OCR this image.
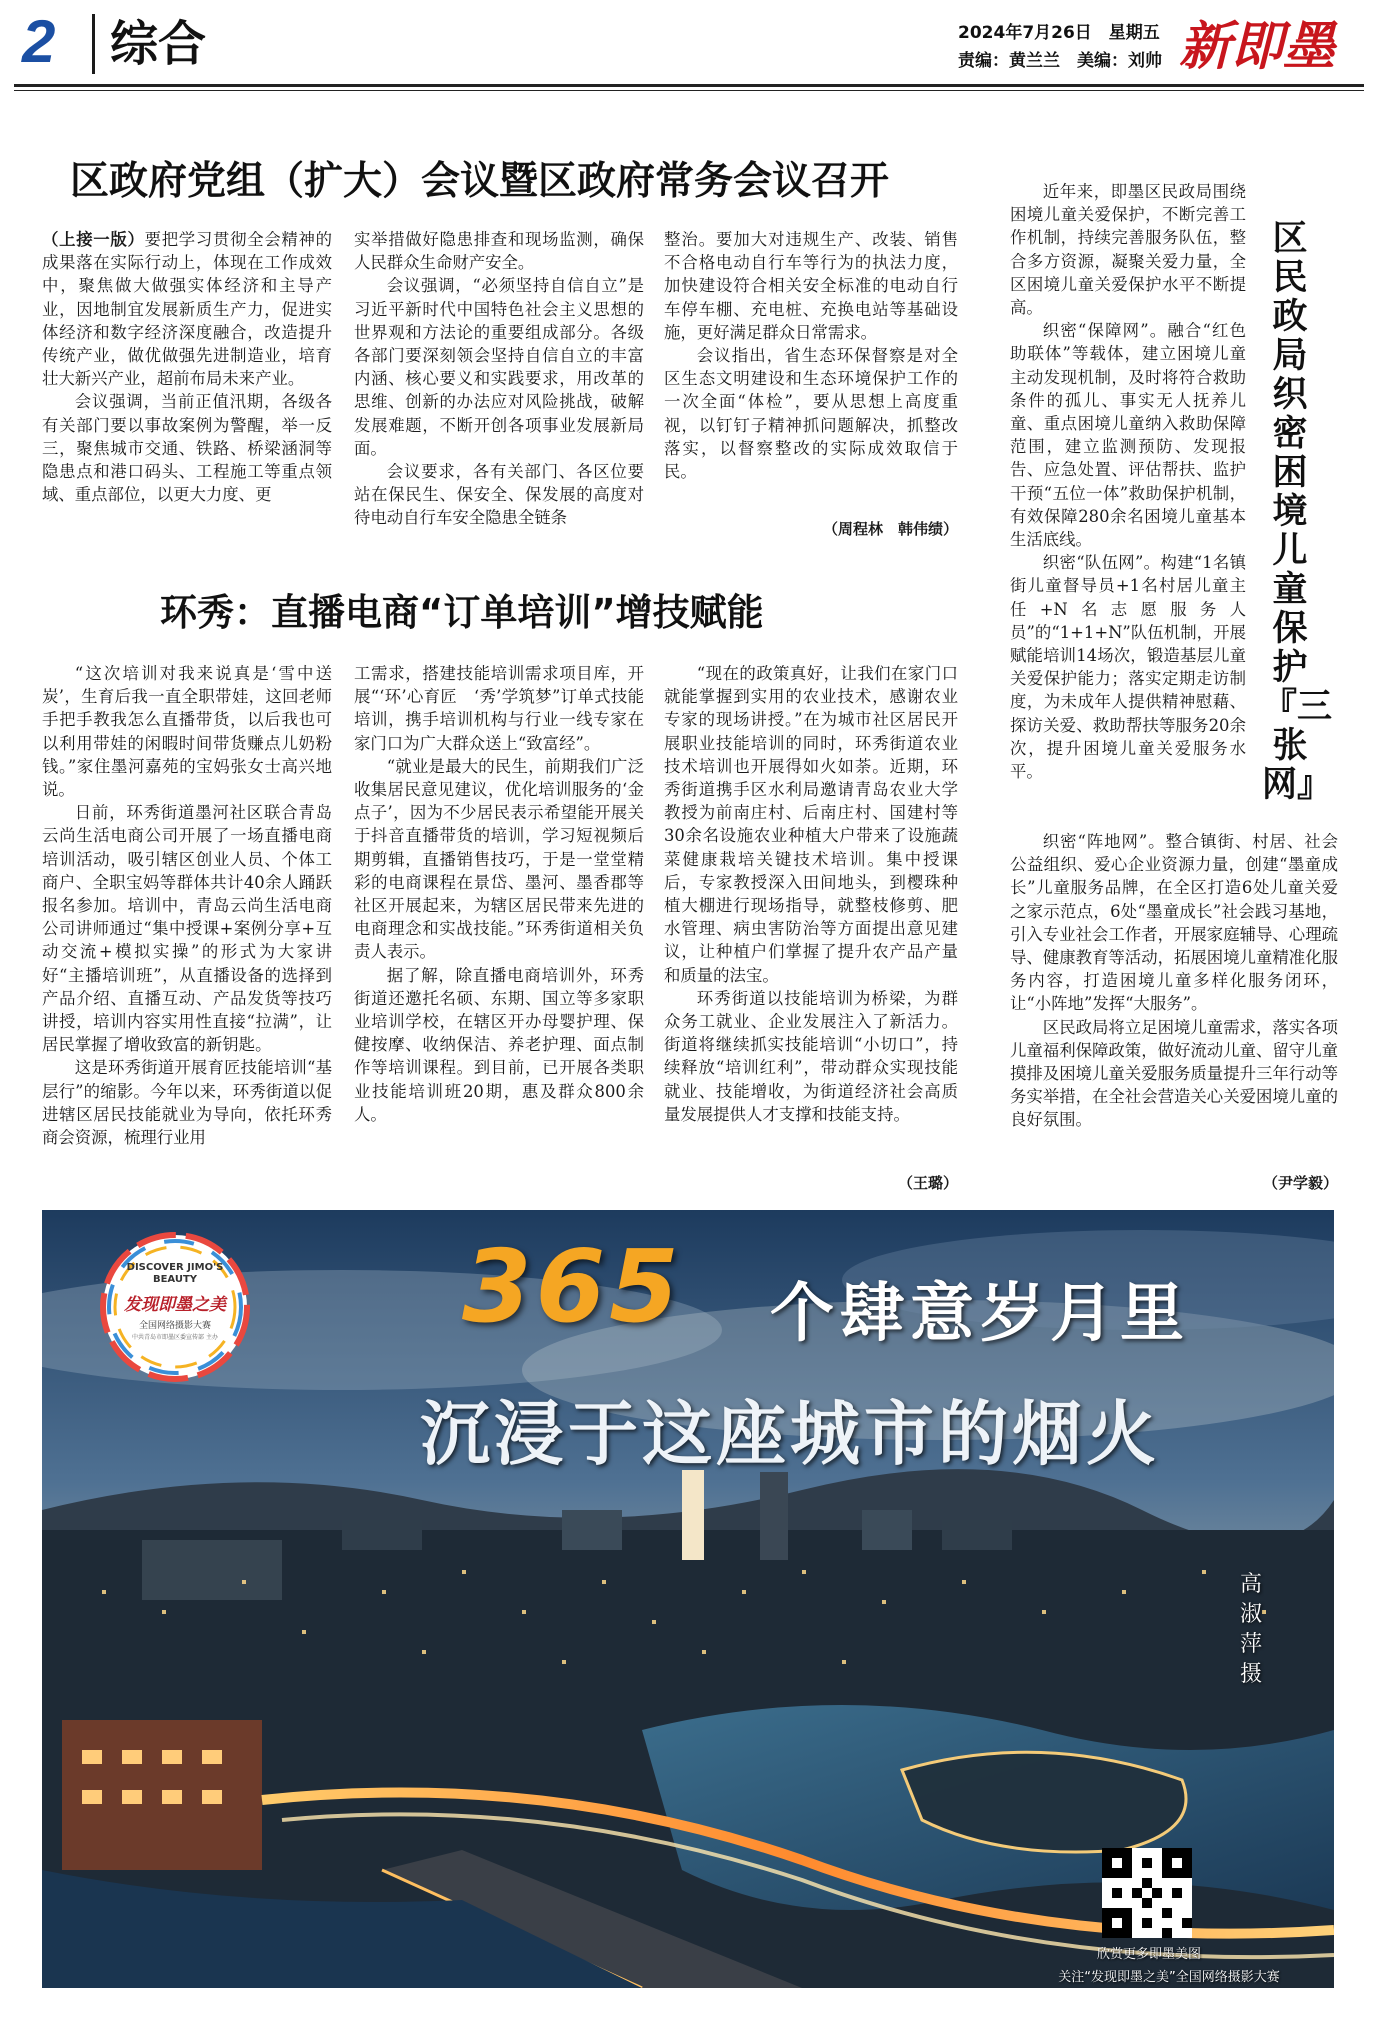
2	综合	2024年7月26日　星期五
责编：黄兰兰　美编：刘帅 新即墨
区政府党组（扩大）会议暨区政府常务会议召开

（上接一版）要把学习贯彻全会精神的成果落在实际行动上，体现在工作成效中，聚焦做大做强实体经济和主导产业，因地制宜发展新质生产力，促进实体经济和数字经济深度融合，改造提升传统产业，做优做强先进制造业，培育壮大新兴产业，超前布局未来产业。

会议强调，当前正值汛期，各级各有关部门要以事故案例为警醒，举一反三，聚焦城市交通、铁路、桥梁涵洞等隐患点和港口码头、工程施工等重点领域、重点部位，以更大力度、更

实举措做好隐患排查和现场监测，确保人民群众生命财产安全。

会议强调，“必须坚持自信自立”是习近平新时代中国特色社会主义思想的世界观和方法论的重要组成部分。各级各部门要深刻领会坚持自信自立的丰富内涵、核心要义和实践要求，用改革的思维、创新的办法应对风险挑战，破解发展难题，不断开创各项事业发展新局面。

会议要求，各有关部门、各区位要站在保民生、保安全、保发展的高度对待电动自行车安全隐患全链条

整治。要加大对违规生产、改装、销售不合格电动自行车等行为的执法力度，加快建设符合相关安全标准的电动自行车停车棚、充电桩、充换电站等基础设施，更好满足群众日常需求。

会议指出，省生态环保督察是对全区生态文明建设和生态环境保护工作的一次全面“体检”，要从思想上高度重视，以钉钉子精神抓问题解决，抓整改落实，以督察整改的实际成效取信于民。

（周程林　韩伟绩）
环秀：直播电商“订单培训”增技赋能

“这次培训对我来说真是‘雪中送炭’，生育后我一直全职带娃，这回老师手把手教我怎么直播带货，以后我也可以利用带娃的闲暇时间带货赚点儿奶粉钱。”家住墨河嘉苑的宝妈张女士高兴地说。

日前，环秀街道墨河社区联合青岛云尚生活电商公司开展了一场直播电商培训活动，吸引辖区创业人员、个体工商户、全职宝妈等群体共计40余人踊跃报名参加。培训中，青岛云尚生活电商公司讲师通过“集中授课+案例分享+互动交流+模拟实操”的形式为大家讲好“主播培训班”，从直播设备的选择到产品介绍、直播互动、产品发货等技巧讲授，培训内容实用性直接“拉满”，让居民掌握了增收致富的新钥匙。

这是环秀街道开展育匠技能培训“基层行”的缩影。今年以来，环秀街道以促进辖区居民技能就业为导向，依托环秀商会资源，梳理行业用

工需求，搭建技能培训需求项目库，开展“‘环’心育匠　‘秀’学筑梦”订单式技能培训，携手培训机构与行业一线专家在家门口为广大群众送上“致富经”。

“就业是最大的民生，前期我们广泛收集居民意见建议，优化培训服务的‘金点子’，因为不少居民表示希望能开展关于抖音直播带货的培训，学习短视频后期剪辑，直播销售技巧，于是一堂堂精彩的电商课程在景岱、墨河、墨香郡等社区开展起来，为辖区居民带来先进的电商理念和实战技能。”环秀街道相关负责人表示。

据了解，除直播电商培训外，环秀街道还邀托名硕、东期、国立等多家职业培训学校，在辖区开办母婴护理、保健按摩、收纳保洁、养老护理、面点制作等培训课程。到目前，已开展各类职业技能培训班20期，惠及群众800余人。

“现在的政策真好，让我们在家门口就能掌握到实用的农业技术，感谢农业专家的现场讲授。”在为城市社区居民开展职业技能培训的同时，环秀街道农业技术培训也开展得如火如荼。近期，环秀街道携手区水利局邀请青岛农业大学教授为前南庄村、后南庄村、国建村等30余名设施农业种植大户带来了设施蔬菜健康栽培关键技术培训。集中授课后，专家教授深入田间地头，到樱珠种植大棚进行现场指导，就整枝修剪、肥水管理、病虫害防治等方面提出意见建议，让种植户们掌握了提升农产品产量和质量的法宝。

环秀街道以技能培训为桥梁，为群众务工就业、企业发展注入了新活力。街道将继续抓实技能培训“小切口”，持续释放“培训红利”，带动群众实现技能就业、技能增收，为街道经济社会高质量发展提供人才支撑和技能支持。

（王璐）
区民政局织密困境儿童保护『三张网』

近年来，即墨区民政局围绕困境儿童关爱保护，不断完善工作机制，持续完善服务队伍，整合多方资源，凝聚关爱力量，全区困境儿童关爱保护水平不断提高。

织密“保障网”。融合“红色助联体”等载体，建立困境儿童主动发现机制，及时将符合救助条件的孤儿、事实无人抚养儿童、重点困境儿童纳入救助保障范围，建立监测预防、发现报告、应急处置、评估帮扶、监护干预“五位一体”救助保护机制，有效保障280余名困境儿童基本生活底线。

织密“队伍网”。构建“1名镇街儿童督导员+1名村居儿童主任+N名志愿服务人员”的“1+1+N”队伍机制，开展赋能培训14场次，锻造基层儿童关爱保护能力；落实定期走访制度，为未成年人提供精神慰藉、探访关爱、救助帮扶等服务20余次，提升困境儿童关爱服务水平。

织密“阵地网”。整合镇街、村居、社会公益组织、爱心企业资源力量，创建“墨童成长”儿童服务品牌，在全区打造6处儿童关爱之家示范点，6处“墨童成长”社会践习基地，引入专业社会工作者，开展家庭辅导、心理疏导、健康教育等活动，拓展困境儿童精准化服务内容，打造困境儿童多样化服务闭环，让“小阵地”发挥“大服务”。

区民政局将立足困境儿童需求，落实各项儿童福利保障政策，做好流动儿童、留守儿童摸排及困境儿童关爱服务质量提升三年行动等务实举措，在全社会营造关心关爱困境儿童的良好氛围。

（尹学毅）
365 个肆意岁月里
沉浸于这座城市的烟火
高淑萍摄
DISCOVER JIMO'S BEAUTY
发现即墨之美
全国网络摄影大赛
中共青岛市即墨区委宣传部 主办
欣赏更多即墨美图
关注“发现即墨之美”全国网络摄影大赛
